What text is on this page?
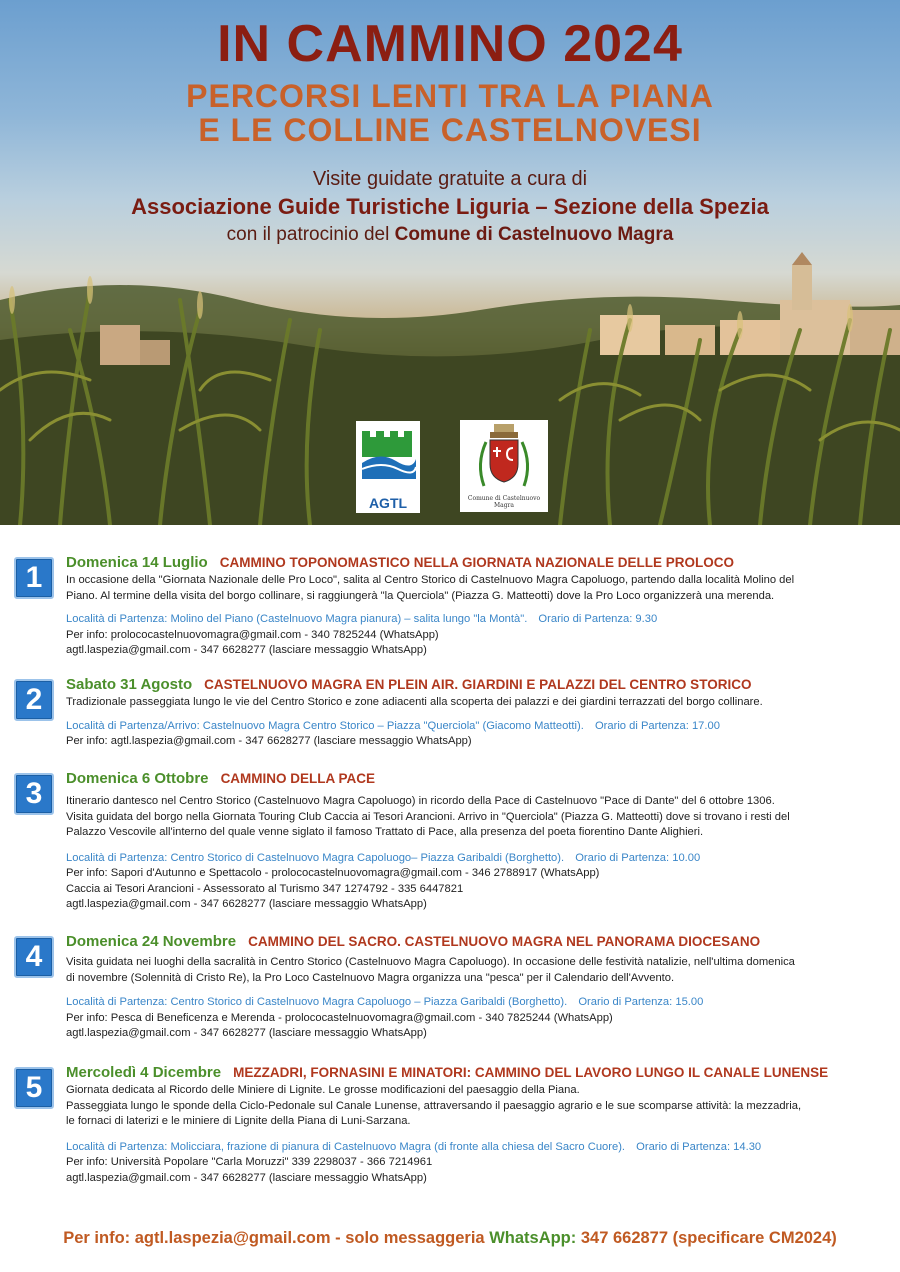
IN CAMMINO 2024
PERCORSI LENTI TRA LA PIANA
E LE COLLINE CASTELNOVESI
Visite guidate gratuite a cura di
Associazione Guide Turistiche Liguria – Sezione della Spezia
con il patrocinio del Comune di Castelnuovo Magra
AGTL	Comune di Castelnuovo Magra
1	Domenica 14 Luglio CAMMINO TOPONOMASTICO NELLA GIORNATA NAZIONALE DELLE PROLOCO
In occasione della "Giornata Nazionale delle Pro Loco", salita al Centro Storico di Castelnuovo Magra Capoluogo, partendo dalla località Molino del
Piano. Al termine della visita del borgo collinare, si raggiungerà "la Querciola" (Piazza G. Matteotti) dove la Pro Loco organizzerà una merenda.
Località di Partenza: Molino del Piano (Castelnuovo Magra pianura) – salita lungo "la Montà". Orario di Partenza: 9.30
Per info: prolococastelnuovomagra@gmail.com - 340 7825244 (WhatsApp)
agtl.laspezia@gmail.com - 347 6628277 (lasciare messaggio WhatsApp)
2	Sabato 31 Agosto CASTELNUOVO MAGRA EN PLEIN AIR. GIARDINI E PALAZZI DEL CENTRO STORICO
Tradizionale passeggiata lungo le vie del Centro Storico e zone adiacenti alla scoperta dei palazzi e dei giardini terrazzati del borgo collinare.
Località di Partenza/Arrivo: Castelnuovo Magra Centro Storico – Piazza "Querciola" (Giacomo Matteotti). Orario di Partenza: 17.00
Per info: agtl.laspezia@gmail.com - 347 6628277 (lasciare messaggio WhatsApp)
3	Domenica 6 Ottobre CAMMINO DELLA PACE
Itinerario dantesco nel Centro Storico (Castelnuovo Magra Capoluogo) in ricordo della Pace di Castelnuovo "Pace di Dante" del 6 ottobre 1306.
Visita guidata del borgo nella Giornata Touring Club Caccia ai Tesori Arancioni. Arrivo in "Querciola" (Piazza G. Matteotti) dove si trovano i resti del
Palazzo Vescovile all'interno del quale venne siglato il famoso Trattato di Pace, alla presenza del poeta fiorentino Dante Alighieri.
Località di Partenza: Centro Storico di Castelnuovo Magra Capoluogo– Piazza Garibaldi (Borghetto). Orario di Partenza: 10.00
Per info: Sapori d'Autunno e Spettacolo - prolococastelnuovomagra@gmail.com - 346 2788917 (WhatsApp)
Caccia ai Tesori Arancioni - Assessorato al Turismo 347 1274792 - 335 6447821
agtl.laspezia@gmail.com - 347 6628277 (lasciare messaggio WhatsApp)
4	Domenica 24 Novembre CAMMINO DEL SACRO. CASTELNUOVO MAGRA NEL PANORAMA DIOCESANO
Visita guidata nei luoghi della sacralità in Centro Storico (Castelnuovo Magra Capoluogo). In occasione delle festività natalizie, nell'ultima domenica
di novembre (Solennità di Cristo Re), la Pro Loco Castelnuovo Magra organizza una "pesca" per il Calendario dell'Avvento.
Località di Partenza: Centro Storico di Castelnuovo Magra Capoluogo – Piazza Garibaldi (Borghetto). Orario di Partenza: 15.00
Per info: Pesca di Beneficenza e Merenda - prolococastelnuovomagra@gmail.com - 340 7825244 (WhatsApp)
agtl.laspezia@gmail.com - 347 6628277 (lasciare messaggio WhatsApp)
5	Mercoledì 4 Dicembre MEZZADRI, FORNASINI E MINATORI: CAMMINO DEL LAVORO LUNGO IL CANALE LUNENSE
Giornata dedicata al Ricordo delle Miniere di Lignite. Le grosse modificazioni del paesaggio della Piana.
Passeggiata lungo le sponde della Ciclo-Pedonale sul Canale Lunense, attraversando il paesaggio agrario e le sue scomparse attività: la mezzadria,
le fornaci di laterizi e le miniere di Lignite della Piana di Luni-Sarzana.
Località di Partenza: Molicciara, frazione di pianura di Castelnuovo Magra (di fronte alla chiesa del Sacro Cuore). Orario di Partenza: 14.30
Per info: Università Popolare "Carla Moruzzi" 339 2298037 - 366 7214961
agtl.laspezia@gmail.com - 347 6628277 (lasciare messaggio WhatsApp)
Per info: agtl.laspezia@gmail.com - solo messaggeria WhatsApp: 347 662877 (specificare CM2024)
